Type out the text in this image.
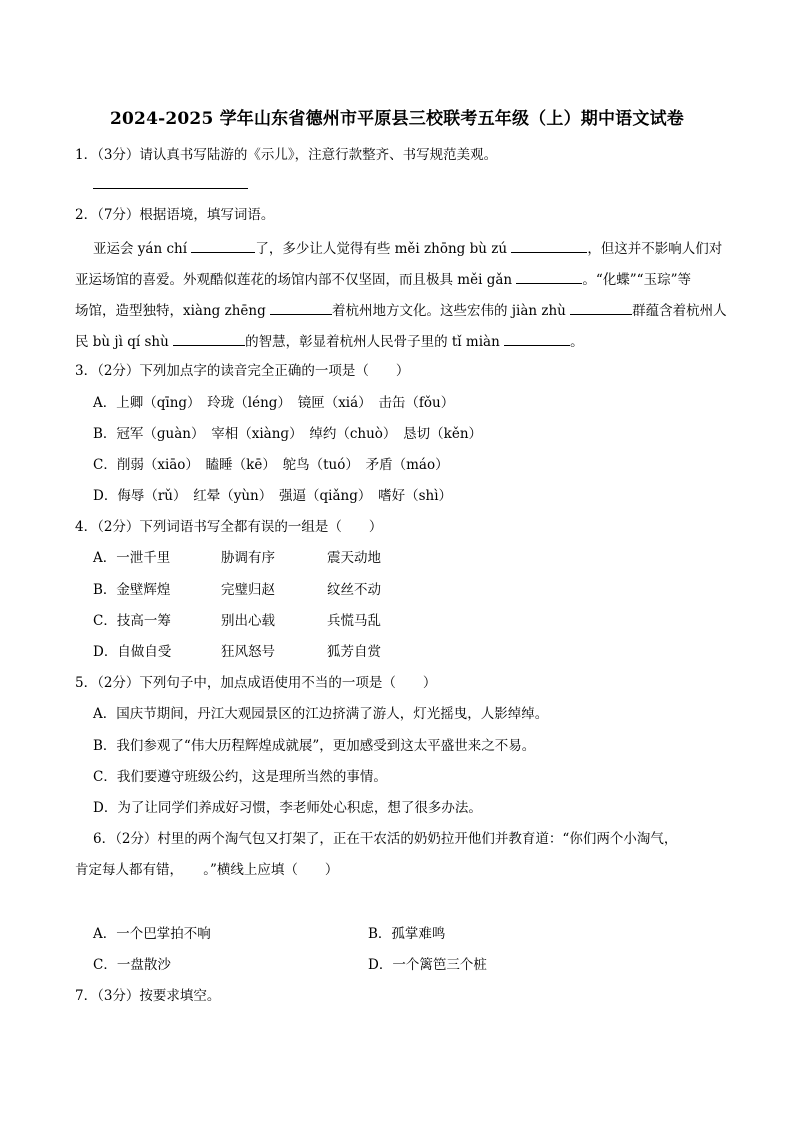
2024-2025 学年山东省德州市平原县三校联考五年级（上）期中语文试卷
1．（3分）请认真书写陆游的《示儿》，注意行款整齐、书写规范美观。
2．（7分）根据语境，填写词语。
亚运会 yán chí	了，多少让人觉得有些 měi zhōng bù zú	，但这并不影响人们对
亚运场馆的喜爱。外观酷似莲花的场馆内部不仅坚固，而且极具 měi gǎn	。“化蝶”“玉琮”等
场馆，造型独特，xiàng zhēng	着杭州地方文化。这些宏伟的 jiàn zhù	群蕴含着杭州人
民 bù jì qí shù	的智慧，彰显着杭州人民骨子里的 tǐ miàn	。
3．（2分）下列加点字的读音完全正确的一项是（　　）
A．上卿（qīng）　玲珑（léng）　镜匣（xiá）　击缶（fǒu）
B．冠军（ɡuàn）　宰相（xiànɡ）　绰约（chuò）　恳切（kěn）
C．削弱（xiāo）　瞌睡（kē）　鸵鸟（tuó）　矛盾（máo）
D．侮辱（rǔ）　红晕（yùn）　强逼（qiǎng）　嗜好（shì）
4．（2分）下列词语书写全都有误的一组是（　　）
A．一泄千里	胁调有序	震天动地
B．金壁辉煌	完璧归赵	纹丝不动
C．技高一筹	别出心载	兵慌马乱
D．自做自受	狂风怒号	狐芳自赏
5．（2分）下列句子中，加点成语使用不当的一项是（　　）
A．国庆节期间，丹江大观园景区的江边挤满了游人，灯光摇曳，人影绰绰。
B．我们参观了“伟大历程辉煌成就展”，更加感受到这太平盛世来之不易。
C．我们要遵守班级公约，这是理所当然的事情。
D．为了让同学们养成好习惯，李老师处心积虑，想了很多办法。
6．（2分）村里的两个淘气包又打架了，正在干农活的奶奶拉开他们并教育道：“你们两个小淘气，
肯定每人都有错，　　。”横线上应填（　　）
A．一个巴掌拍不响	B．孤掌难鸣
C．一盘散沙	D．一个篱笆三个桩
7．（3分）按要求填空。
